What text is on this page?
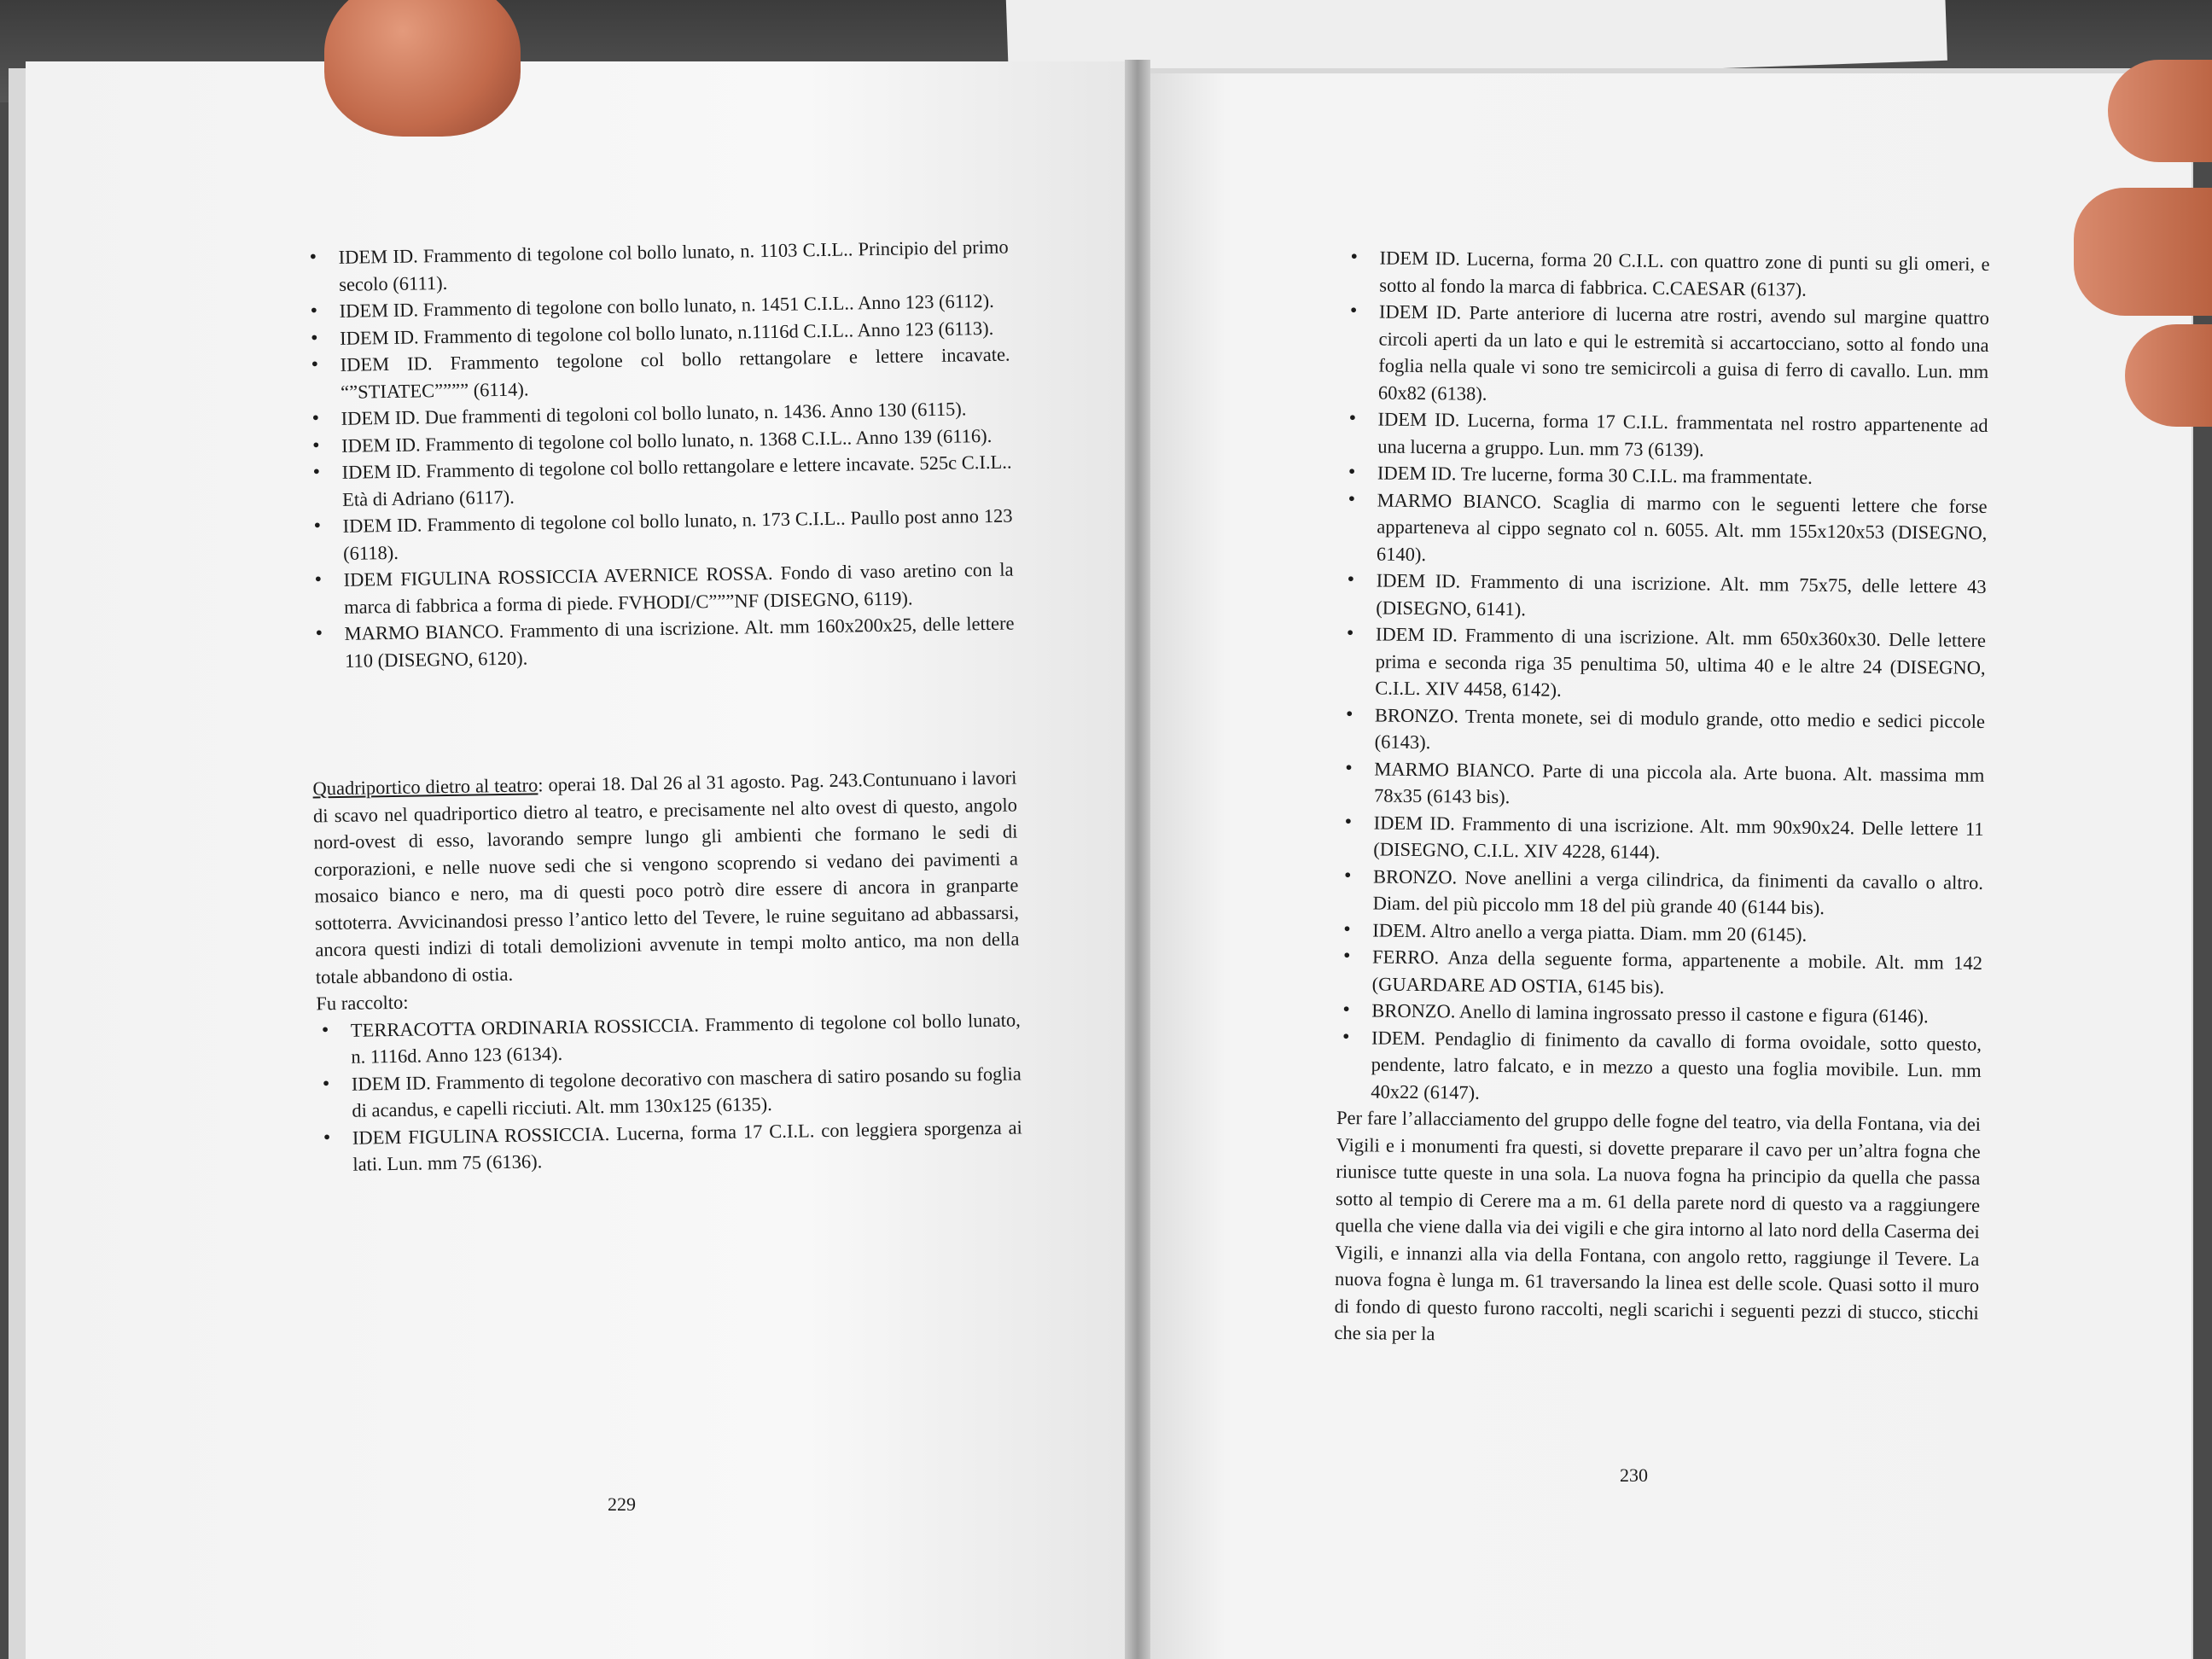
• IDEM ID. Frammento di tegolone col bollo lunato, n. 1103 C.I.L.. Principio del primo secolo (6111).
• IDEM ID. Frammento di tegolone con bollo lunato, n. 1451 C.I.L.. Anno 123 (6112).
• IDEM ID. Frammento di tegolone col bollo lunato, n.1116d C.I.L.. Anno 123 (6113).
• IDEM ID. Frammento tegolone col bollo rettangolare e lettere incavate. “”STIATEC”””” (6114).
• IDEM ID. Due frammenti di tegoloni col bollo lunato, n. 1436. Anno 130 (6115).
• IDEM ID. Frammento di tegolone col bollo lunato, n. 1368 C.I.L.. Anno 139 (6116).
• IDEM ID. Frammento di tegolone col bollo rettangolare e lettere incavate. 525c C.I.L.. Età di Adriano (6117).
• IDEM ID. Frammento di tegolone col bollo lunato, n. 173 C.I.L.. Paullo post anno 123 (6118).
• IDEM FIGULINA ROSSICCIA AVERNICE ROSSA. Fondo di vaso aretino con la marca di fabbrica a forma di piede. FVHODI/C”””NF (DISEGNO, 6119).
• MARMO BIANCO. Frammento di una iscrizione. Alt. mm 160x200x25, delle lettere 110 (DISEGNO, 6120).

Quadriportico dietro al teatro: operai 18. Dal 26 al 31 agosto. Pag. 243.Contunuano i lavori di scavo nel quadriportico dietro al teatro, e precisamente nel alto ovest di questo, angolo nord-ovest di esso, lavorando sempre lungo gli ambienti che formano le sedi di corporazioni, e nelle nuove sedi che si vengono scoprendo si vedano dei pavimenti a mosaico bianco e nero, ma di questi poco potrò dire essere di ancora in granparte sottoterra. Avvicinandosi presso l’antico letto del Tevere, le ruine seguitano ad abbassarsi, ancora questi indizi di totali demolizioni avvenute in tempi molto antico, ma non della totale abbandono di ostia.

Fu raccolto:

• TERRACOTTA ORDINARIA ROSSICCIA. Frammento di tegolone col bollo lunato, n. 1116d. Anno 123 (6134).
• IDEM ID. Frammento di tegolone decorativo con maschera di satiro posando su foglia di acandus, e capelli ricciuti. Alt. mm 130x125 (6135).
• IDEM FIGULINA ROSSICCIA. Lucerna, forma 17 C.I.L. con leggiera sporgenza ai lati. Lun. mm 75 (6136).
229
• IDEM ID. Lucerna, forma 20 C.I.L. con quattro zone di punti su gli omeri, e sotto al fondo la marca di fabbrica. C.CAESAR (6137).
• IDEM ID. Parte anteriore di lucerna atre rostri, avendo sul margine quattro circoli aperti da un lato e qui le estremità si accartocciano, sotto al fondo una foglia nella quale vi sono tre semicircoli a guisa di ferro di cavallo. Lun. mm 60x82 (6138).
• IDEM ID. Lucerna, forma 17 C.I.L. frammentata nel rostro appartenente ad una lucerna a gruppo. Lun. mm 73 (6139).
• IDEM ID. Tre lucerne, forma 30 C.I.L. ma frammentate.
• MARMO BIANCO. Scaglia di marmo con le seguenti lettere che forse apparteneva al cippo segnato col n. 6055. Alt. mm 155x120x53 (DISEGNO, 6140).
• IDEM ID. Frammento di una iscrizione. Alt. mm 75x75, delle lettere 43 (DISEGNO, 6141).
• IDEM ID. Frammento di una iscrizione. Alt. mm 650x360x30. Delle lettere prima e seconda riga 35 penultima 50, ultima 40 e le altre 24 (DISEGNO, C.I.L. XIV 4458, 6142).
• BRONZO. Trenta monete, sei di modulo grande, otto medio e sedici piccole (6143).
• MARMO BIANCO. Parte di una piccola ala. Arte buona. Alt. massima mm 78x35 (6143 bis).
• IDEM ID. Frammento di una iscrizione. Alt. mm 90x90x24. Delle lettere 11 (DISEGNO, C.I.L. XIV 4228, 6144).
• BRONZO. Nove anellini a verga cilindrica, da finimenti da cavallo o altro. Diam. del più piccolo mm 18 del più grande 40 (6144 bis).
• IDEM. Altro anello a verga piatta. Diam. mm 20 (6145).
• FERRO. Anza della seguente forma, appartenente a mobile. Alt. mm 142 (GUARDARE AD OSTIA, 6145 bis).
• BRONZO. Anello di lamina ingrossato presso il castone e figura (6146).
• IDEM. Pendaglio di finimento da cavallo di forma ovoidale, sotto questo, pendente, latro falcato, e in mezzo a questo una foglia movibile. Lun. mm 40x22 (6147).

Per fare l’allacciamento del gruppo delle fogne del teatro, via della Fontana, via dei Vigili e i monumenti fra questi, si dovette preparare il cavo per un’altra fogna che riunisce tutte queste in una sola. La nuova fogna ha principio da quella che passa sotto al tempio di Cerere ma a m. 61 della parete nord di questo va a raggiungere quella che viene dalla via dei vigili e che gira intorno al lato nord della Caserma dei Vigili, e innanzi alla via della Fontana, con angolo retto, raggiunge il Tevere. La nuova fogna è lunga m. 61 traversando la linea est delle scole. Quasi sotto il muro di fondo di questo furono raccolti, negli scarichi i seguenti pezzi di stucco, sticchi che sia per la

230
